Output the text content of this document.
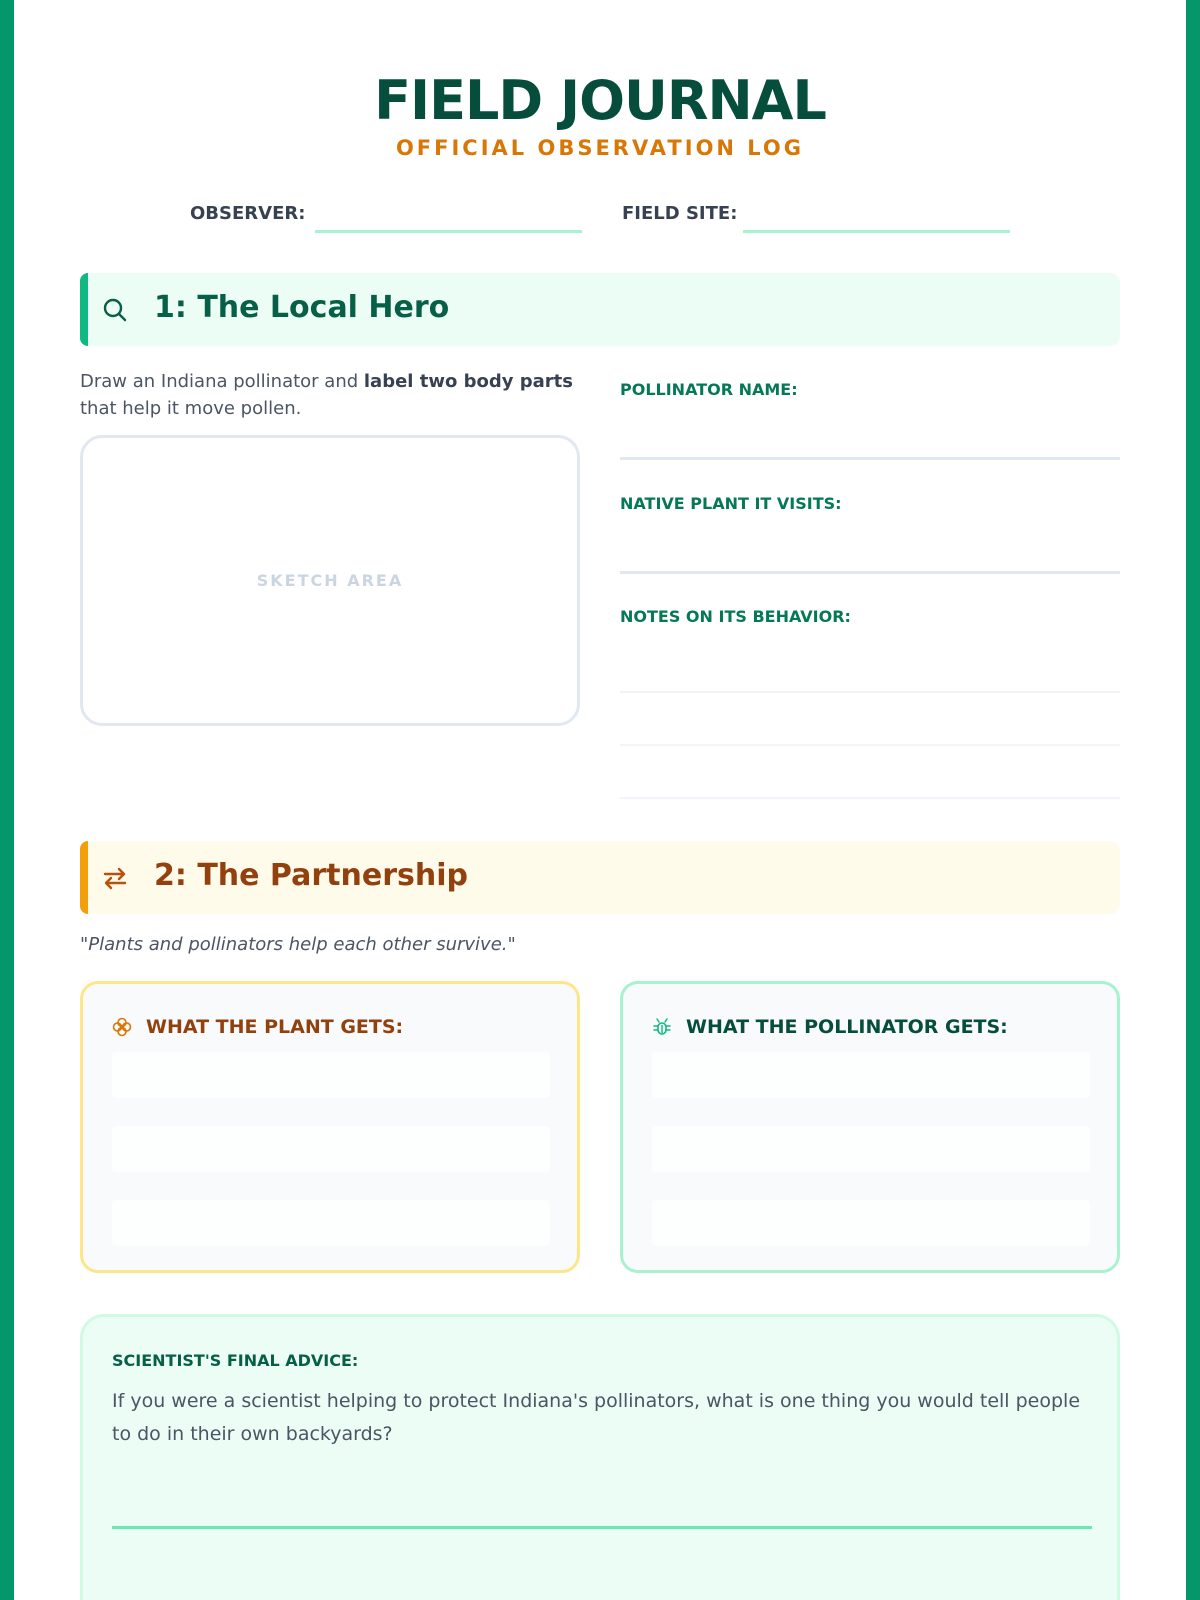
FIELD JOURNAL
OFFICIAL OBSERVATION LOG
OBSERVER:	FIELD SITE:
1: The Local Hero
Draw an Indiana pollinator and label two body parts that help it move pollen.
SKETCH AREA
POLLINATOR NAME:
NATIVE PLANT IT VISITS:
NOTES ON ITS BEHAVIOR:
2: The Partnership
"Plants and pollinators help each other survive."
WHAT THE PLANT GETS:	WHAT THE POLLINATOR GETS:
SCIENTIST'S FINAL ADVICE:
If you were a scientist helping to protect Indiana's pollinators, what is one thing you would tell people to do in their own backyards?
